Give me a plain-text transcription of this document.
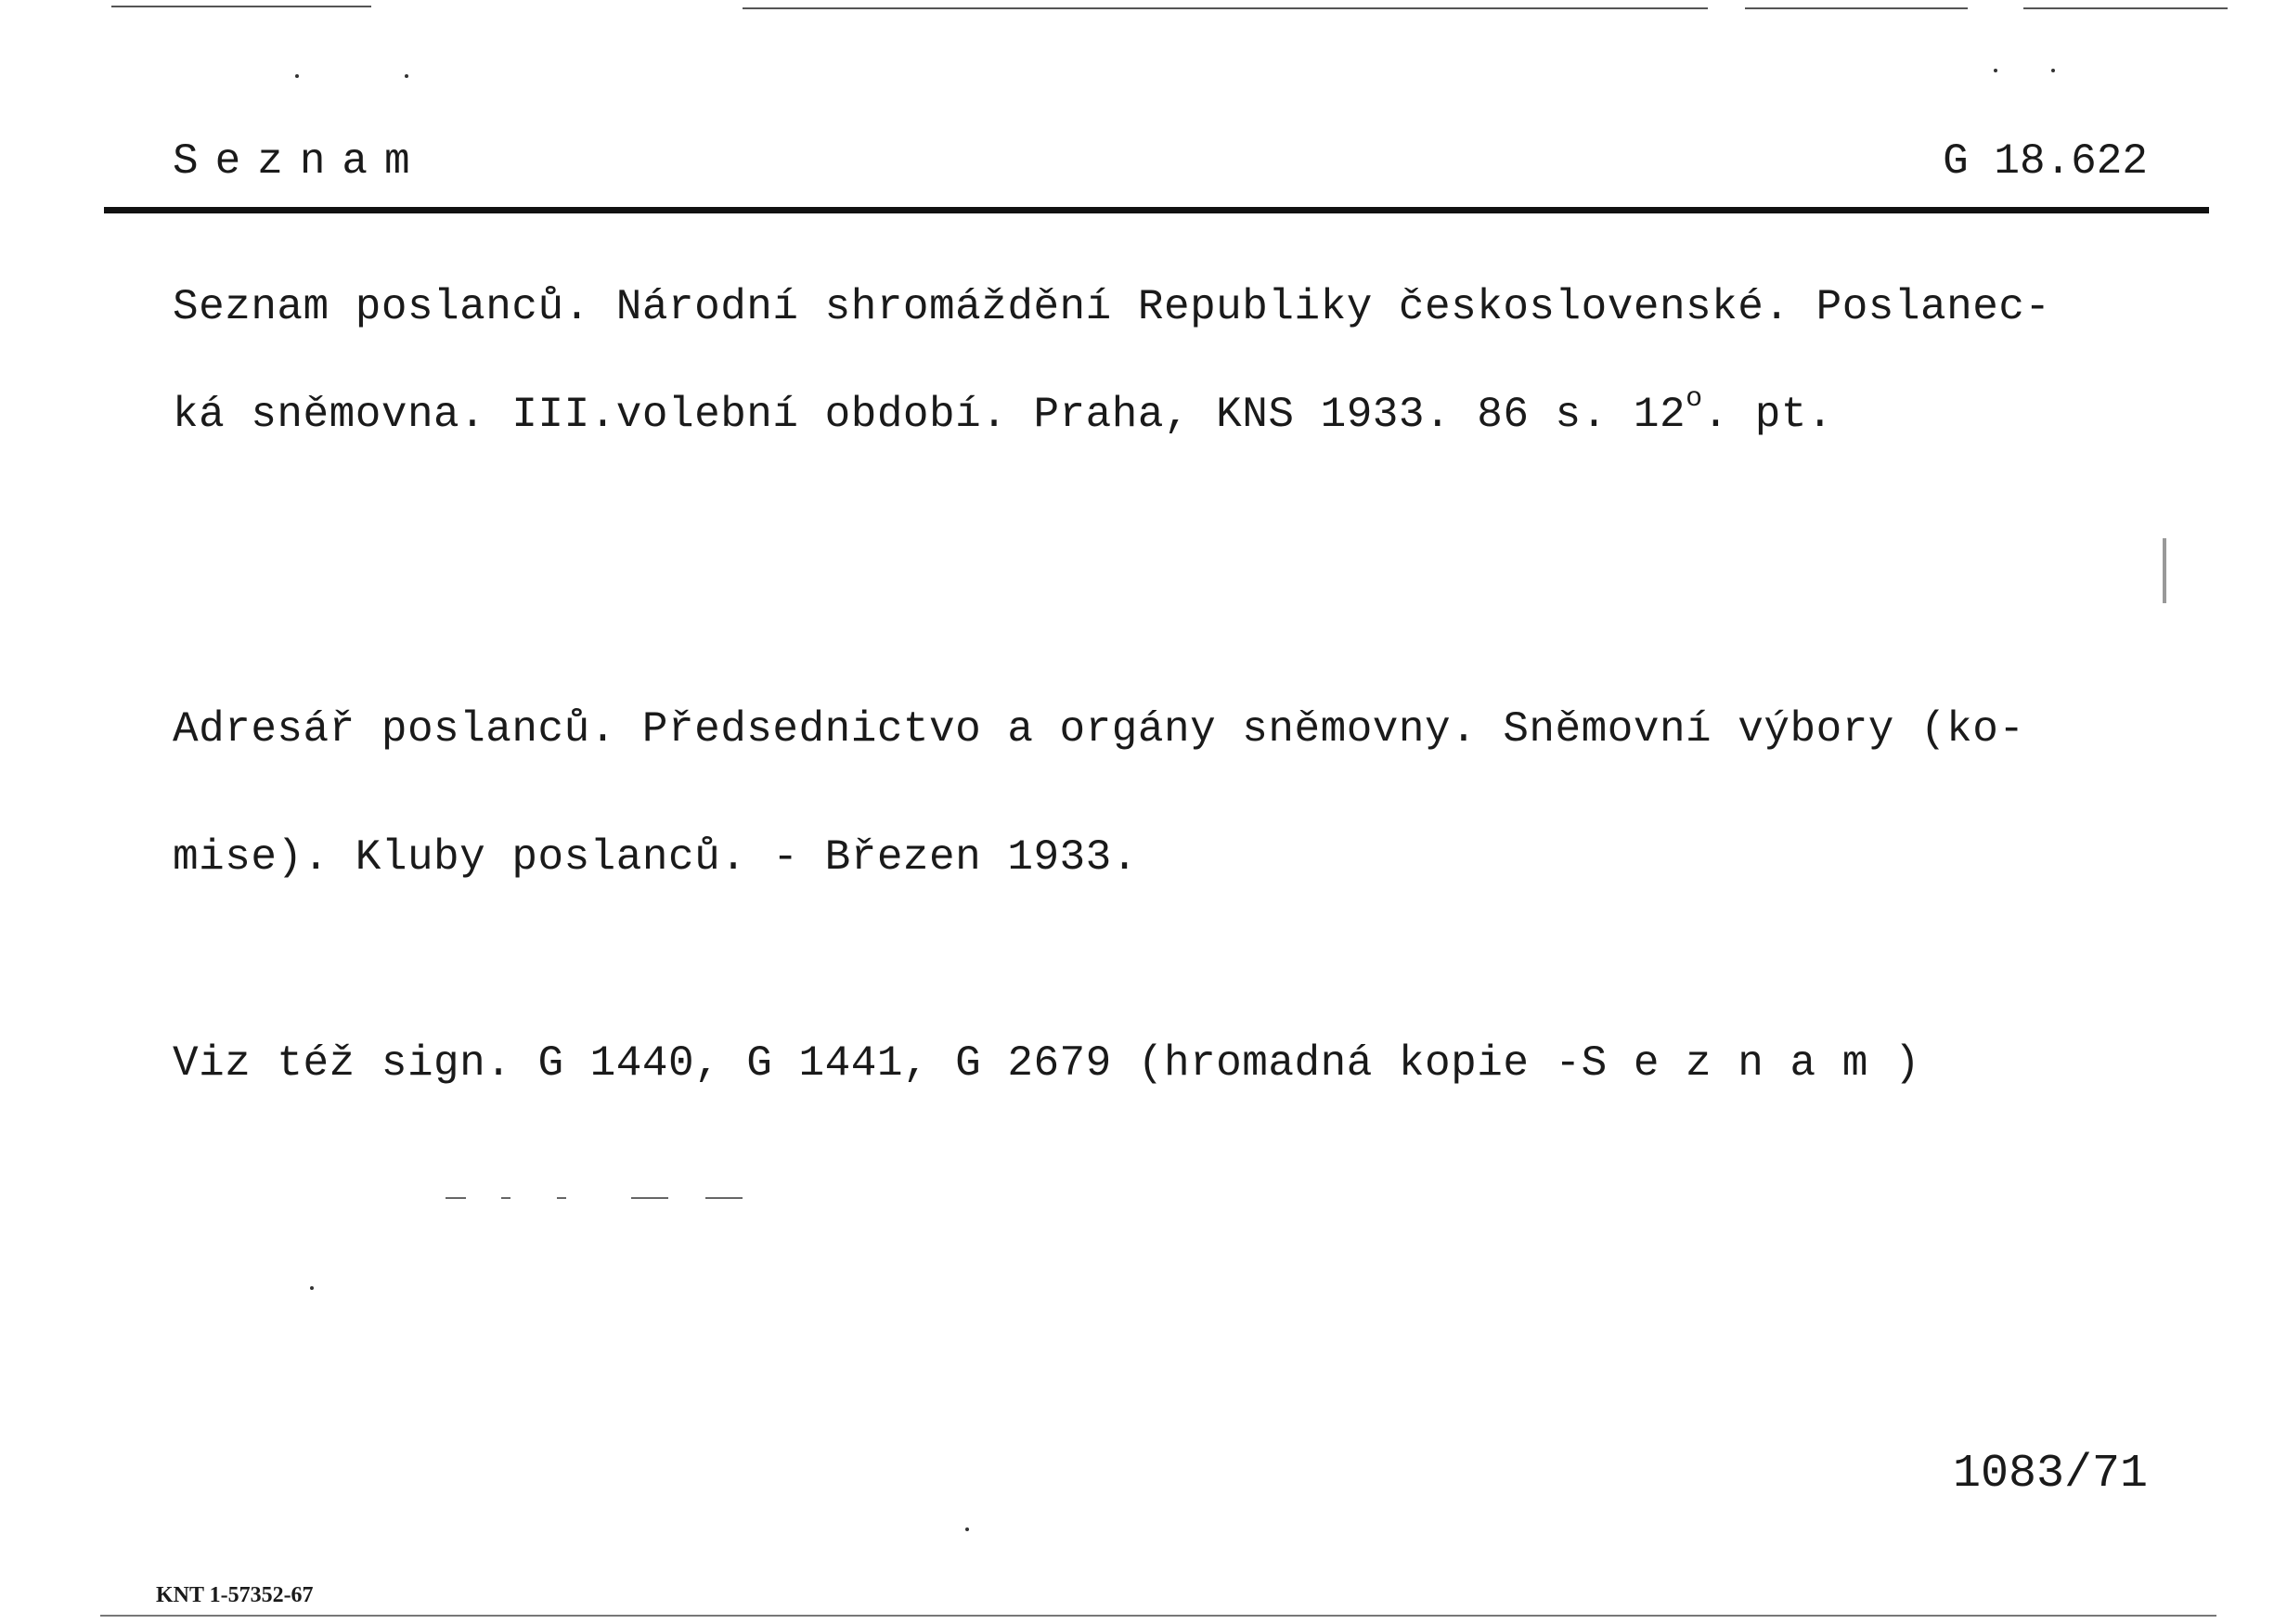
Seznam	G 18.622
Seznam poslanců. Národní shromáždění Republiky československé. Poslanec-
ká sněmovna. III.volební období. Praha, KNS 1933. 86 s. 12$^o$. pt.
Adresář poslanců. Předsednictvo a orgány sněmovny. Sněmovní výbory (ko-
mise). Kluby poslanců. - Březen 1933.
Viz též sign. G 1440, G 1441, G 2679 (hromadná kopie -S e z n a m )
1083/71
KNT 1-57352-67
